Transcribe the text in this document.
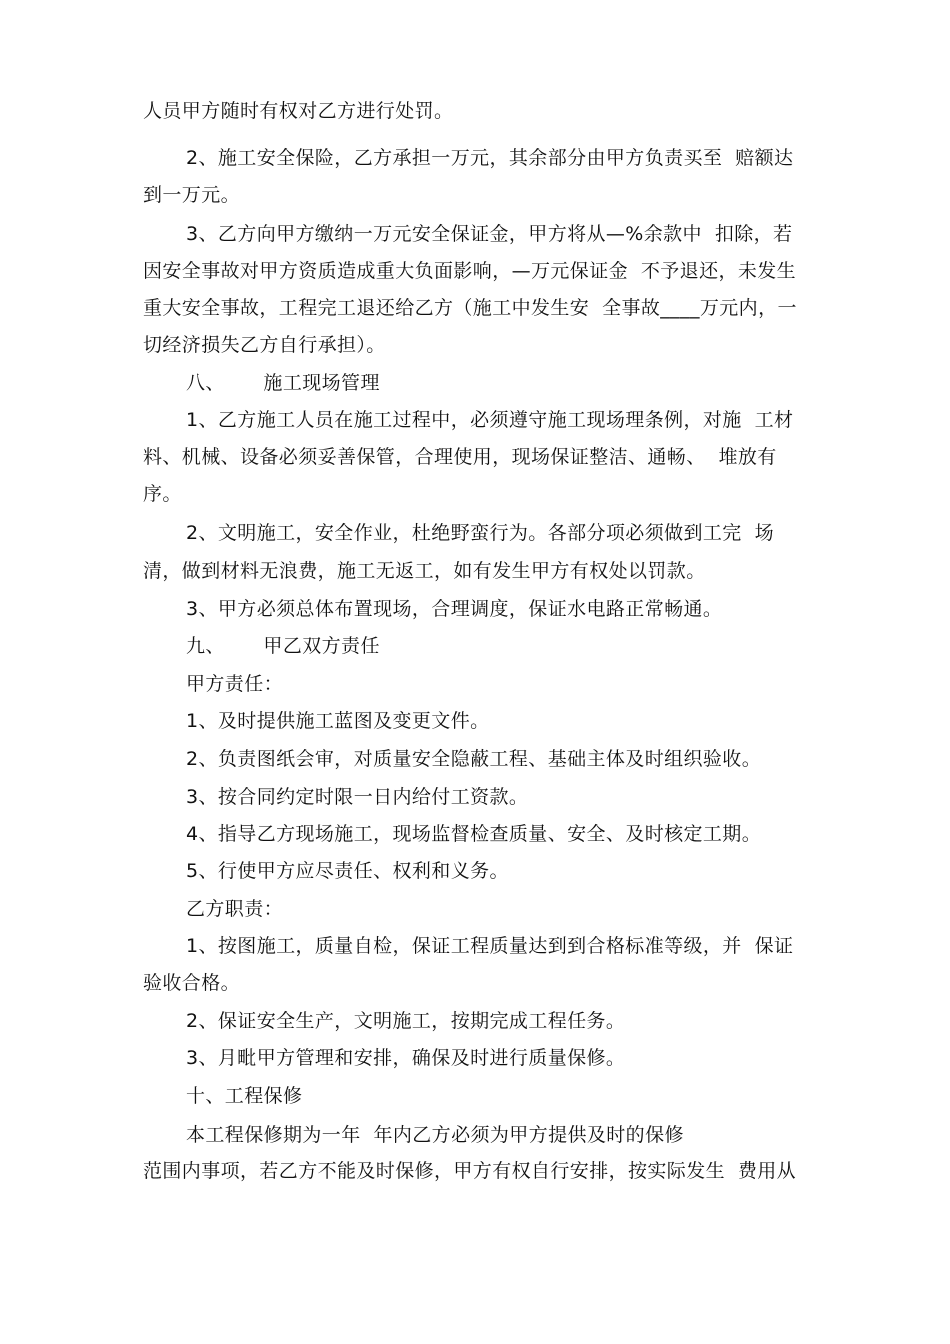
人员甲方随时有权对乙方进行处罚。
2、施工安全保险，乙方承担一万元，其余部分由甲方负责买至  赔额达
到一万元。
3、乙方向甲方缴纳一万元安全保证金，甲方将从—%余款中  扣除，若
因安全事故对甲方资质造成重大负面影响，—万元保证金  不予退还，未发生
重大安全事故，工程完工退还给乙方（施工中发生安  全事故____万元内，一
切经济损失乙方自行承担）。
八、      施工现场管理
1、乙方施工人员在施工过程中，必须遵守施工现场理条例，对施  工材
料、机械、设备必须妥善保管，合理使用，现场保证整洁、通畅、  堆放有
序。
2、文明施工，安全作业，杜绝野蛮行为。各部分项必须做到工完  场
清，做到材料无浪费，施工无返工，如有发生甲方有权处以罚款。
3、甲方必须总体布置现场，合理调度，保证水电路正常畅通。
九、      甲乙双方责任
甲方责任：
1、及时提供施工蓝图及变更文件。
2、负责图纸会审，对质量安全隐蔽工程、基础主体及时组织验收。
3、按合同约定时限一日内给付工资款。
4、指导乙方现场施工，现场监督检查质量、安全、及时核定工期。
5、行使甲方应尽责任、权利和义务。
乙方职责：
1、按图施工，质量自检，保证工程质量达到到合格标准等级，并  保证
验收合格。
2、保证安全生产，文明施工，按期完成工程任务。
3、月毗甲方管理和安排，确保及时进行质量保修。
十、工程保修
本工程保修期为一年  年内乙方必须为甲方提供及时的保修
范围内事项，若乙方不能及时保修，甲方有权自行安排，按实际发生  费用从
